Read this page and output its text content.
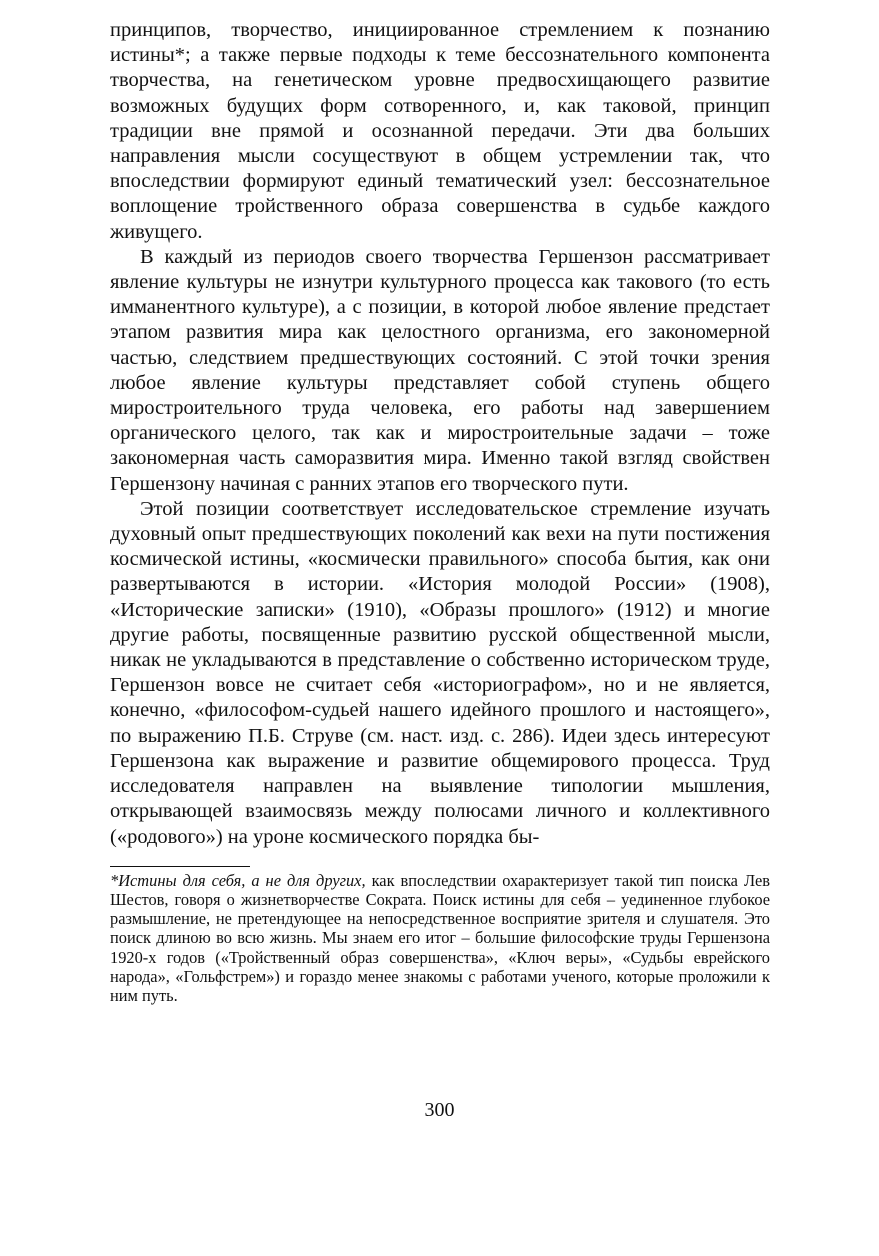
принципов, творчество, инициированное стремлением к познанию истины*; а также первые подходы к теме бессознательного компонента творчества, на генетическом уровне предвосхищающего развитие возможных будущих форм сотворенного, и, как таковой, принцип традиции вне прямой и осознанной передачи. Эти два больших направления мысли сосуществуют в общем устремлении так, что впоследствии формируют единый тематический узел: бессознательное воплощение тройственного образа совершенства в судьбе каждого живущего.

В каждый из периодов своего творчества Гершензон рассматривает явление культуры не изнутри культурного процесса как такового (то есть имманентного культуре), а с позиции, в которой любое явление предстает этапом развития мира как целостного организма, его закономерной частью, следствием предшествующих состояний. С этой точки зрения любое явление культуры представляет собой ступень общего миростроительного труда человека, его работы над завершением органического целого, так как и миростроительные задачи – тоже закономерная часть саморазвития мира. Именно такой взгляд свойствен Гершензону начиная с ранних этапов его творческого пути.

Этой позиции соответствует исследовательское стремление изучать духовный опыт предшествующих поколений как вехи на пути постижения космической истины, «космически правильного» способа бытия, как они развертываются в истории. «История молодой России» (1908), «Исторические записки» (1910), «Образы прошлого» (1912) и многие другие работы, посвященные развитию русской общественной мысли, никак не укладываются в представление о собственно историческом труде, Гершензон вовсе не считает себя «историографом», но и не является, конечно, «философом-судьей нашего идейного прошлого и настоящего», по выражению П.Б. Струве (см. наст. изд. с. 286). Идеи здесь интересуют Гершензона как выражение и развитие общемирового процесса. Труд исследователя направлен на выявление типологии мышления, открывающей взаимосвязь между полюсами личного и коллективного («родового») на уроне космического порядка бы-

*Истины для себя, а не для других, как впоследствии охарактеризует такой тип поиска Лев Шестов, говоря о жизнетворчестве Сократа. Поиск истины для себя – уединенное глубокое размышление, не претендующее на непосредственное восприятие зрителя и слушателя. Это поиск длиною во всю жизнь. Мы знаем его итог – большие философские труды Гершензона 1920-х годов («Тройственный образ совершенства», «Ключ веры», «Судьбы еврейского народа», «Гольфстрем») и гораздо менее знакомы с работами ученого, которые проложили к ним путь.

300
